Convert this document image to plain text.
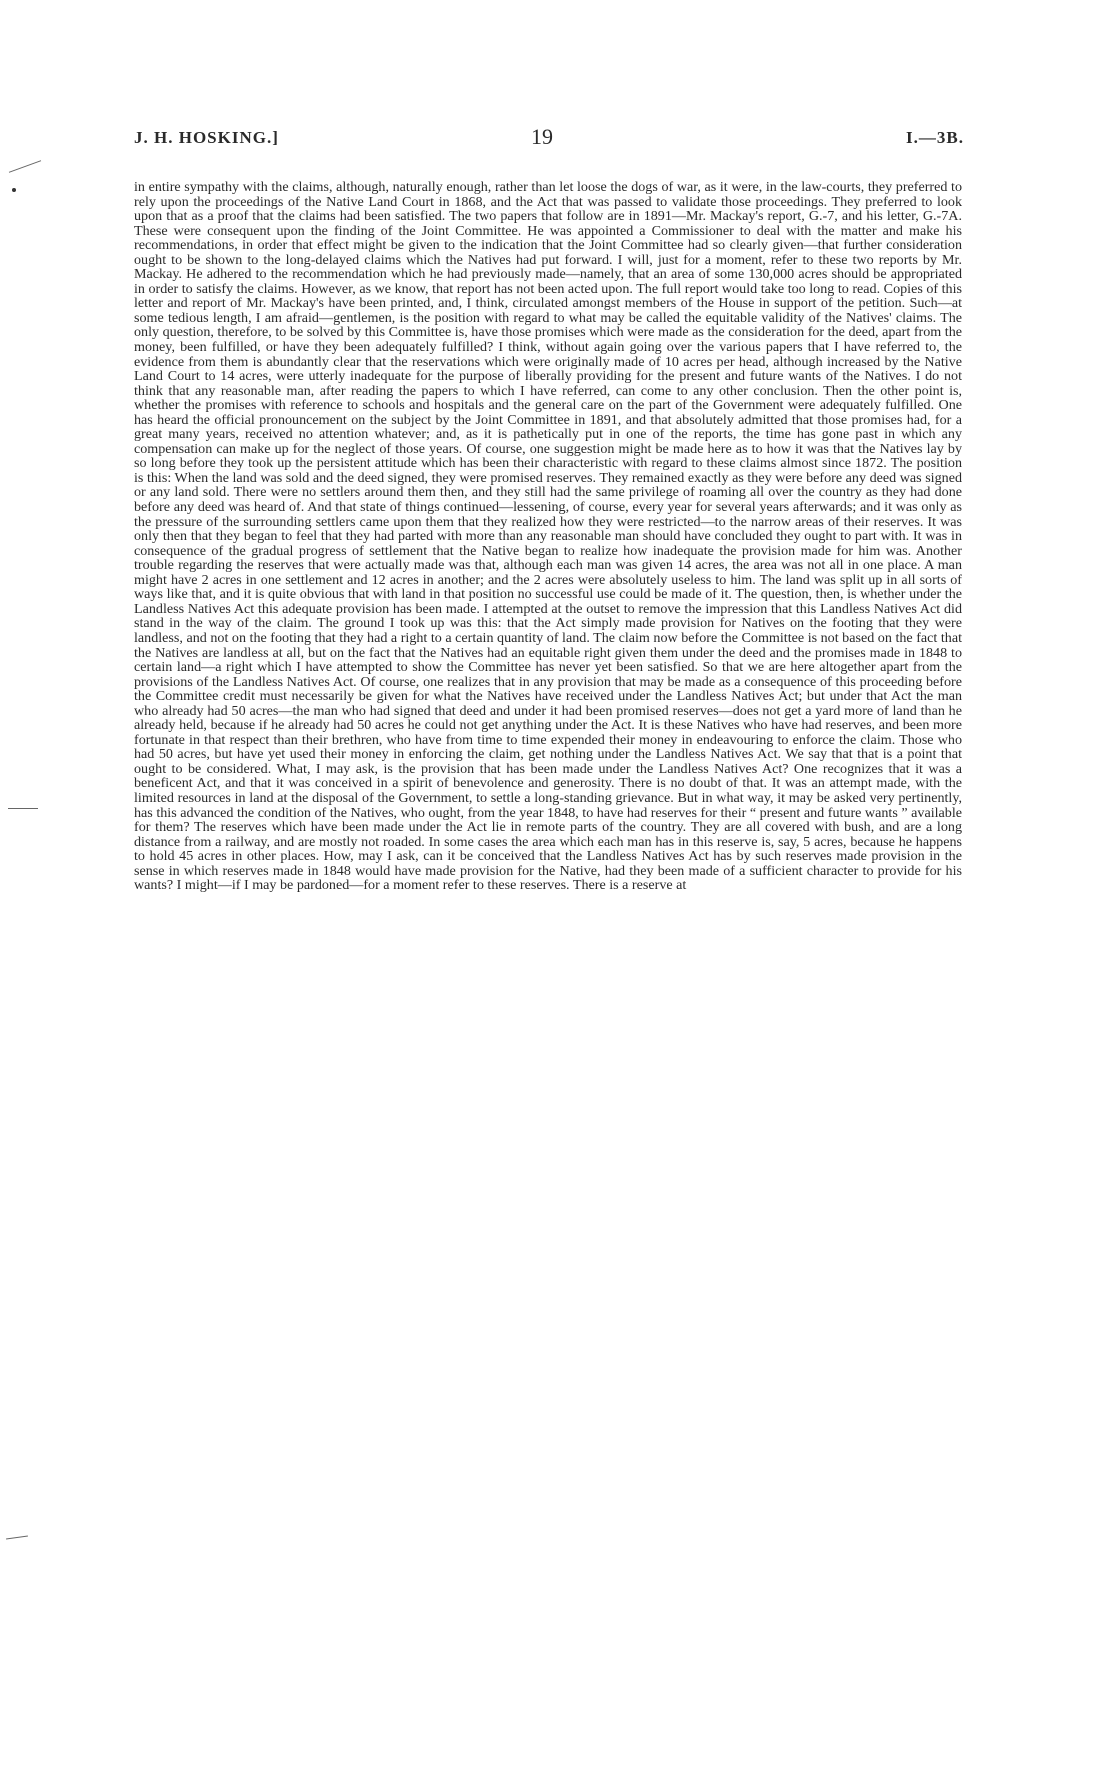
J. H. HOSKING.]	19	I.—3B.

in entire sympathy with the claims, although, naturally enough, rather than let loose the dogs of war, as it were, in the law-courts, they preferred to rely upon the proceedings of the Native Land Court in 1868, and the Act that was passed to validate those proceedings. They preferred to look upon that as a proof that the claims had been satisfied. The two papers that follow are in 1891—Mr. Mackay's report, G.-7, and his letter, G.-7A. These were consequent upon the finding of the Joint Committee. He was appointed a Commissioner to deal with the matter and make his recommendations, in order that effect might be given to the indication that the Joint Committee had so clearly given—that further consideration ought to be shown to the long-delayed claims which the Natives had put forward. I will, just for a moment, refer to these two reports by Mr. Mackay. He adhered to the recommendation which he had previously made—namely, that an area of some 130,000 acres should be appropriated in order to satisfy the claims. However, as we know, that report has not been acted upon. The full report would take too long to read. Copies of this letter and report of Mr. Mackay's have been printed, and, I think, circulated amongst members of the House in support of the petition. Such—at some tedious length, I am afraid—gentlemen, is the position with regard to what may be called the equitable validity of the Natives' claims. The only question, therefore, to be solved by this Committee is, have those promises which were made as the consideration for the deed, apart from the money, been fulfilled, or have they been adequately fulfilled? I think, without again going over the various papers that I have referred to, the evidence from them is abundantly clear that the reservations which were originally made of 10 acres per head, although increased by the Native Land Court to 14 acres, were utterly inadequate for the purpose of liberally providing for the present and future wants of the Natives. I do not think that any reasonable man, after reading the papers to which I have referred, can come to any other conclusion. Then the other point is, whether the promises with reference to schools and hospitals and the general care on the part of the Government were adequately fulfilled. One has heard the official pronouncement on the subject by the Joint Committee in 1891, and that absolutely admitted that those promises had, for a great many years, received no attention whatever; and, as it is pathetically put in one of the reports, the time has gone past in which any compensation can make up for the neglect of those years. Of course, one suggestion might be made here as to how it was that the Natives lay by so long before they took up the persistent attitude which has been their characteristic with regard to these claims almost since 1872. The position is this: When the land was sold and the deed signed, they were promised reserves. They remained exactly as they were before any deed was signed or any land sold. There were no settlers around them then, and they still had the same privilege of roaming all over the country as they had done before any deed was heard of. And that state of things continued—lessening, of course, every year for several years afterwards; and it was only as the pressure of the surrounding settlers came upon them that they realized how they were restricted—to the narrow areas of their reserves. It was only then that they began to feel that they had parted with more than any reasonable man should have concluded they ought to part with. It was in consequence of the gradual progress of settlement that the Native began to realize how inadequate the provision made for him was. Another trouble regarding the reserves that were actually made was that, although each man was given 14 acres, the area was not all in one place. A man might have 2 acres in one settlement and 12 acres in another; and the 2 acres were absolutely useless to him. The land was split up in all sorts of ways like that, and it is quite obvious that with land in that position no successful use could be made of it. The question, then, is whether under the Landless Natives Act this adequate provision has been made. I attempted at the outset to remove the impression that this Landless Natives Act did stand in the way of the claim. The ground I took up was this: that the Act simply made provision for Natives on the footing that they were landless, and not on the footing that they had a right to a certain quantity of land. The claim now before the Committee is not based on the fact that the Natives are landless at all, but on the fact that the Natives had an equitable right given them under the deed and the promises made in 1848 to certain land—a right which I have attempted to show the Committee has never yet been satisfied. So that we are here altogether apart from the provisions of the Landless Natives Act. Of course, one realizes that in any provision that may be made as a consequence of this proceeding before the Committee credit must necessarily be given for what the Natives have received under the Landless Natives Act; but under that Act the man who already had 50 acres—the man who had signed that deed and under it had been promised reserves—does not get a yard more of land than he already held, because if he already had 50 acres he could not get anything under the Act. It is these Natives who have had reserves, and been more fortunate in that respect than their brethren, who have from time to time expended their money in endeavouring to enforce the claim. Those who had 50 acres, but have yet used their money in enforcing the claim, get nothing under the Landless Natives Act. We say that that is a point that ought to be considered. What, I may ask, is the provision that has been made under the Landless Natives Act? One recognizes that it was a beneficent Act, and that it was conceived in a spirit of benevolence and generosity. There is no doubt of that. It was an attempt made, with the limited resources in land at the disposal of the Government, to settle a long-standing grievance. But in what way, it may be asked very pertinently, has this advanced the condition of the Natives, who ought, from the year 1848, to have had reserves for their “ present and future wants ” available for them? The reserves which have been made under the Act lie in remote parts of the country. They are all covered with bush, and are a long distance from a railway, and are mostly not roaded. In some cases the area which each man has in this reserve is, say, 5 acres, because he happens to hold 45 acres in other places. How, may I ask, can it be conceived that the Landless Natives Act has by such reserves made provision in the sense in which reserves made in 1848 would have made provision for the Native, had they been made of a sufficient character to provide for his wants? I might—if I may be pardoned—for a moment refer to these reserves. There is a reserve at
